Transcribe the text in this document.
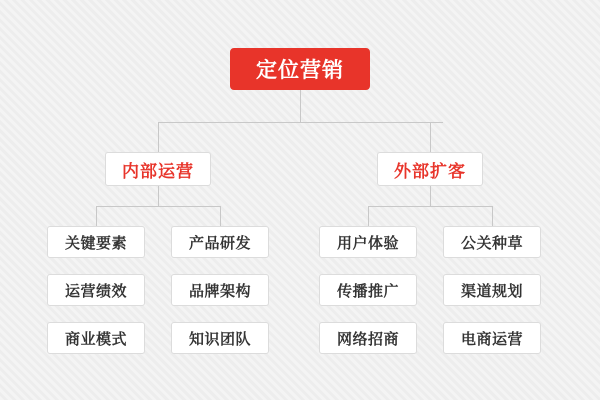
定位营销
内部运营	外部扩客
关键要素	产品研发
运营绩效	品牌架构
商业模式	知识团队
用户体验	公关种草
传播推广	渠道规划
网络招商	电商运营
